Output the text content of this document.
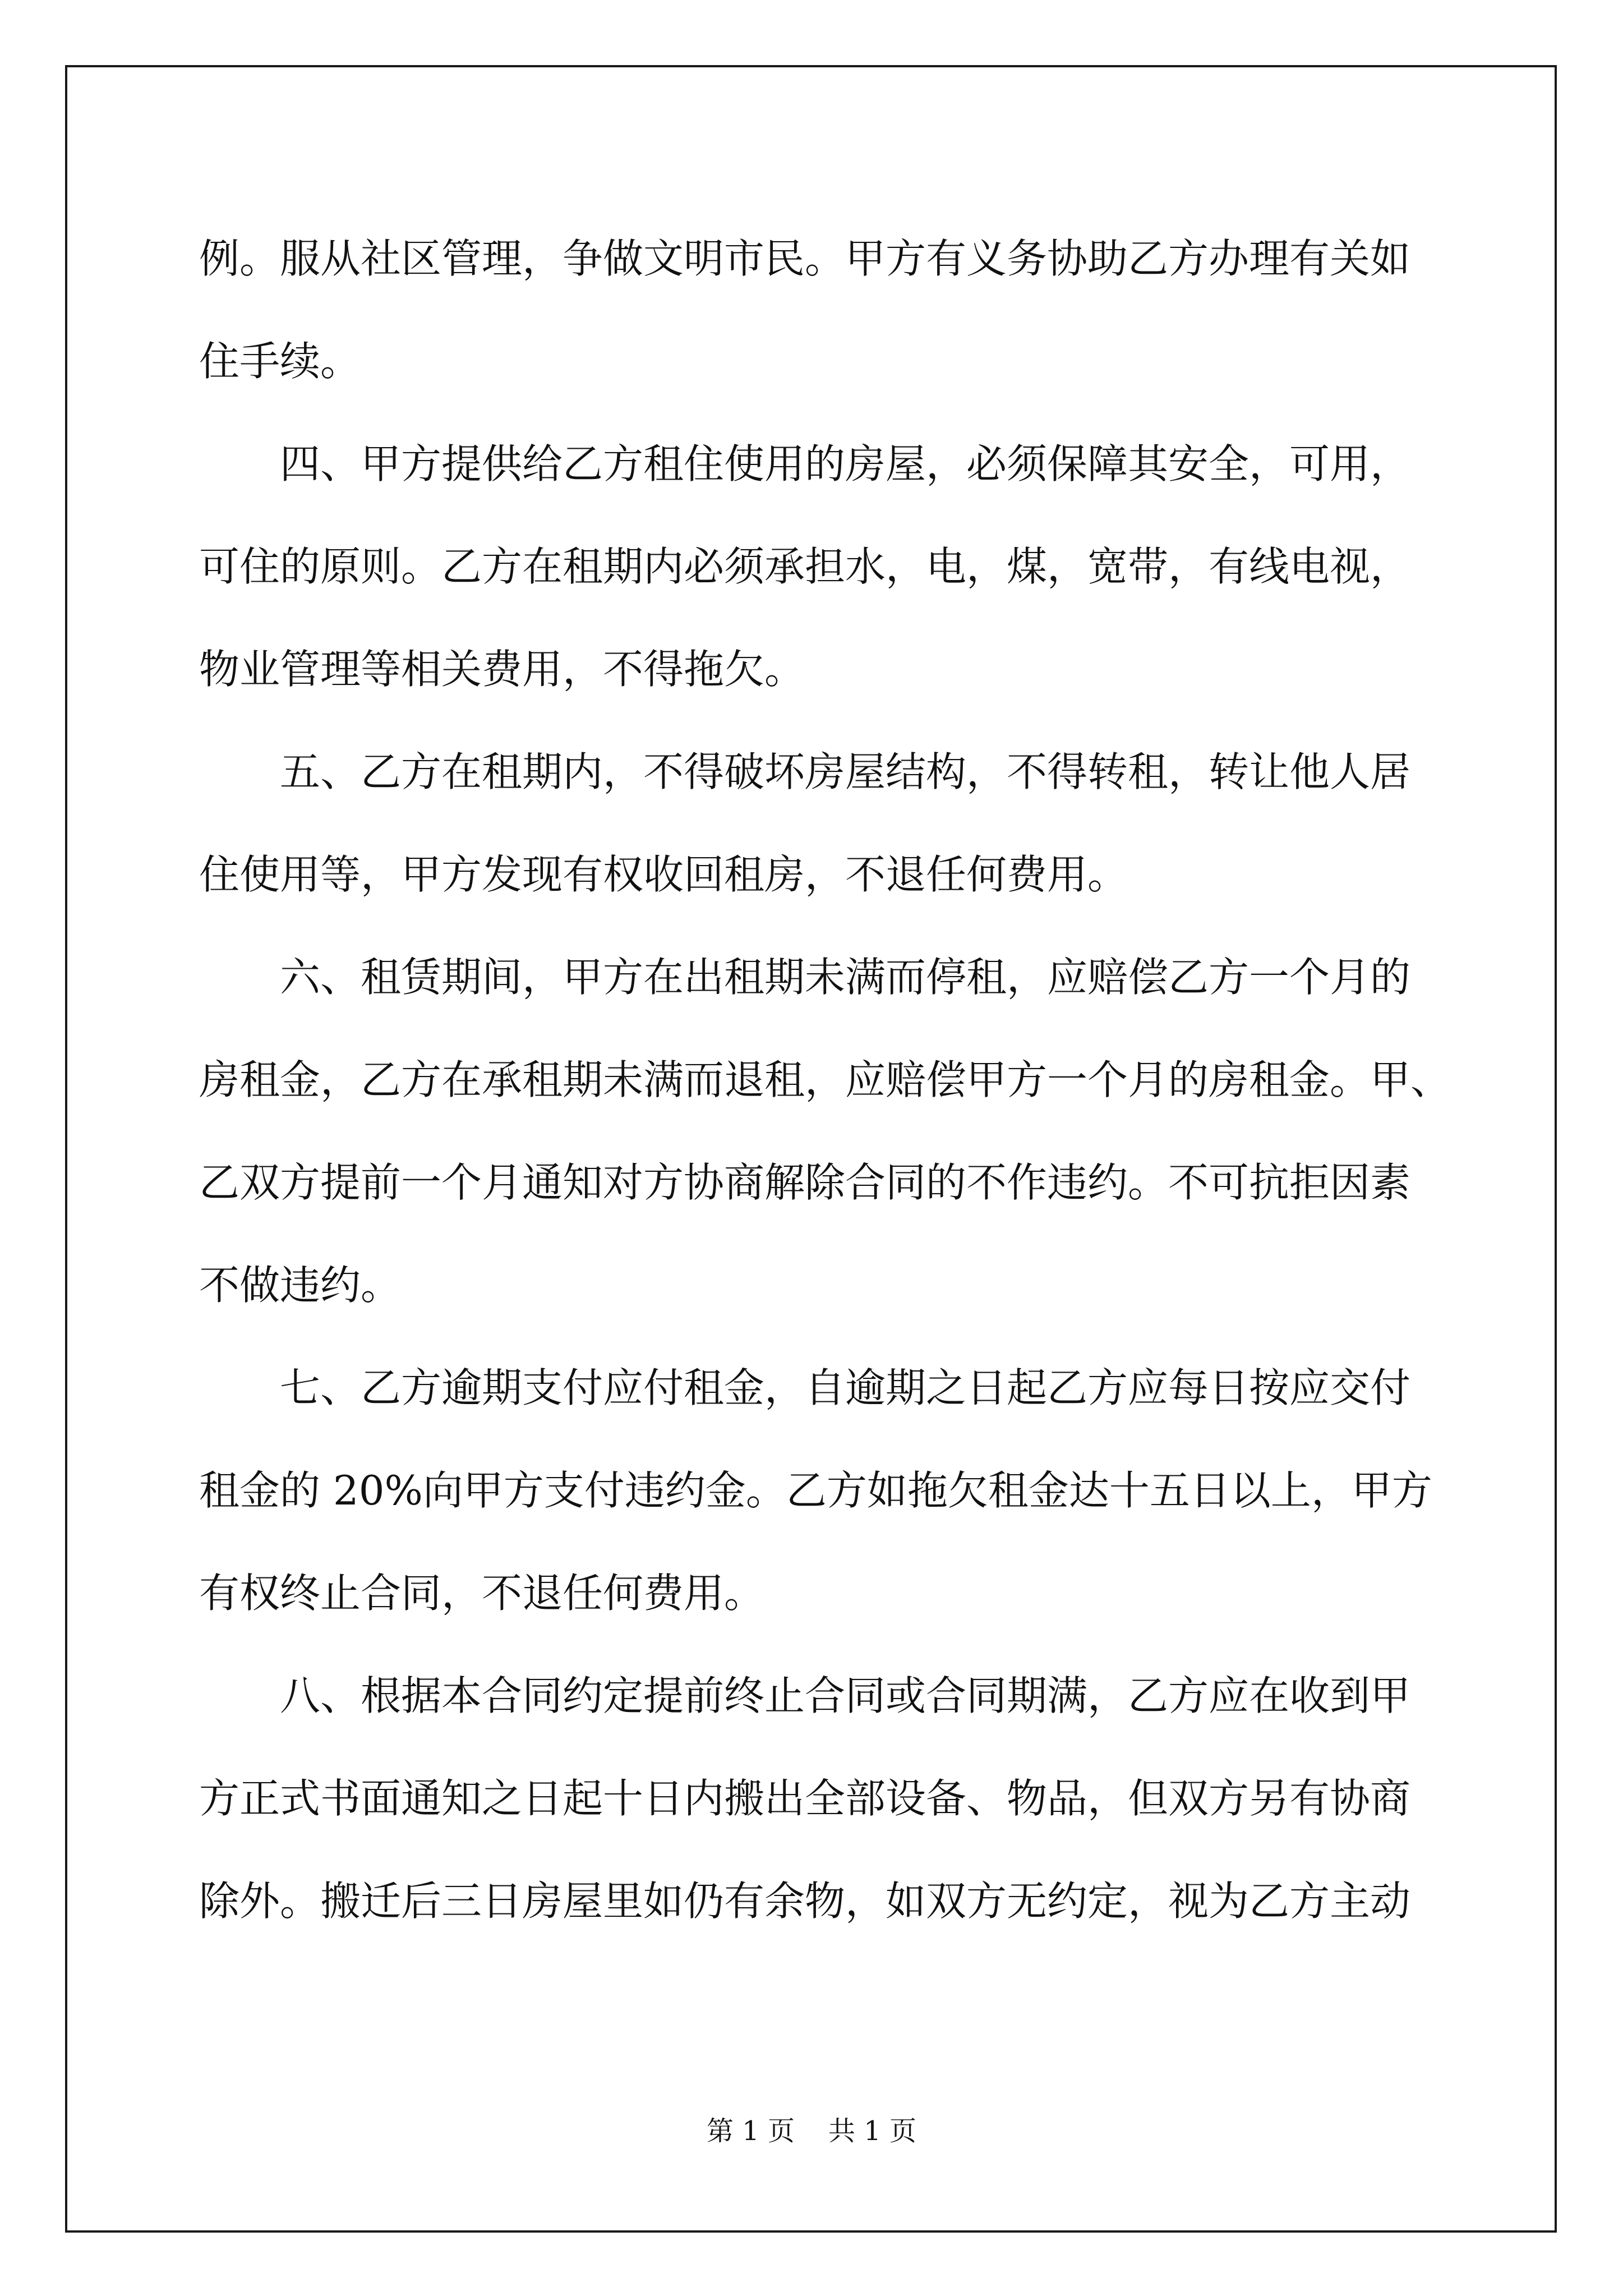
例。服从社区管理，争做文明市民。甲方有义务协助乙方办理有关如

住手续。

　　四、甲方提供给乙方租住使用的房屋，必须保障其安全，可用，

可住的原则。乙方在租期内必须承担水，电，煤，宽带，有线电视，

物业管理等相关费用，不得拖欠。

　　五、乙方在租期内，不得破坏房屋结构，不得转租，转让他人居

住使用等，甲方发现有权收回租房，不退任何费用。

　　六、租赁期间，甲方在出租期未满而停租，应赔偿乙方一个月的

房租金，乙方在承租期未满而退租，应赔偿甲方一个月的房租金。甲、

乙双方提前一个月通知对方协商解除合同的不作违约。不可抗拒因素

不做违约。

　　七、乙方逾期支付应付租金，自逾期之日起乙方应每日按应交付

租金的 20%向甲方支付违约金。乙方如拖欠租金达十五日以上，甲方

有权终止合同，不退任何费用。

　　八、根据本合同约定提前终止合同或合同期满，乙方应在收到甲

方正式书面通知之日起十日内搬出全部设备、物品，但双方另有协商

除外。搬迁后三日房屋里如仍有余物，如双方无约定，视为乙方主动

第 1 页 共 1 页
